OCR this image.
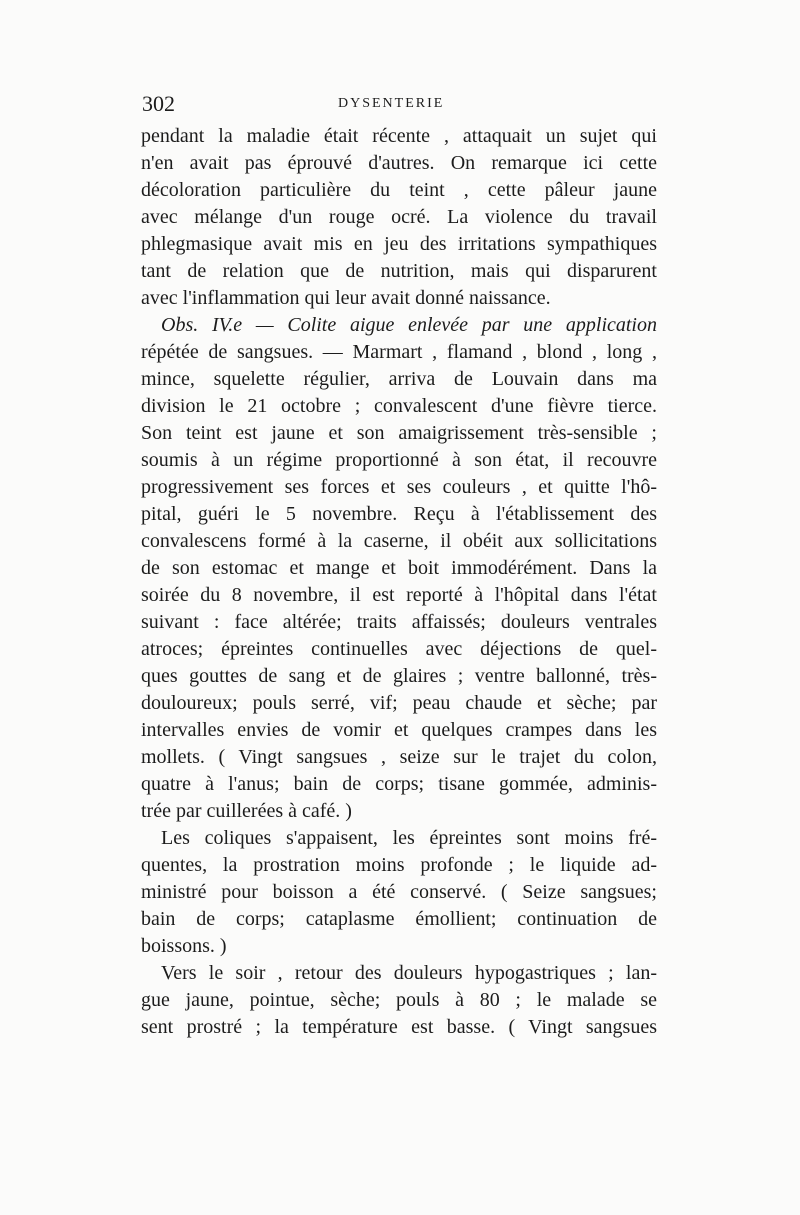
302	DYSENTERIE
pendant la maladie était récente , attaquait un sujet qui
n'en avait pas éprouvé d'autres. On remarque ici cette
décoloration particulière du teint , cette pâleur jaune
avec mélange d'un rouge ocré. La violence du travail
phlegmasique avait mis en jeu des irritations sympathiques
tant de relation que de nutrition, mais qui disparurent
avec l'inflammation qui leur avait donné naissance.
Obs. IV.e — Colite aigue enlevée par une application
répétée de sangsues. — Marmart , flamand , blond , long ,
mince, squelette régulier, arriva de Louvain dans ma
division le 21 octobre ; convalescent d'une fièvre tierce.
Son teint est jaune et son amaigrissement très-sensible ;
soumis à un régime proportionné à son état, il recouvre
progressivement ses forces et ses couleurs , et quitte l'hô-
pital, guéri le 5 novembre. Reçu à l'établissement des
convalescens formé à la caserne, il obéit aux sollicitations
de son estomac et mange et boit immodérément. Dans la
soirée du 8 novembre, il est reporté à l'hôpital dans l'état
suivant : face altérée; traits affaissés; douleurs ventrales
atroces; épreintes continuelles avec déjections de quel-
ques gouttes de sang et de glaires ; ventre ballonné, très-
douloureux; pouls serré, vif; peau chaude et sèche; par
intervalles envies de vomir et quelques crampes dans les
mollets. ( Vingt sangsues , seize sur le trajet du colon,
quatre à l'anus; bain de corps; tisane gommée, adminis-
trée par cuillerées à café. )
Les coliques s'appaisent, les épreintes sont moins fré-
quentes, la prostration moins profonde ; le liquide ad-
ministré pour boisson a été conservé. ( Seize sangsues;
bain de corps; cataplasme émollient; continuation de
boissons. )
Vers le soir , retour des douleurs hypogastriques ; lan-
gue jaune, pointue, sèche; pouls à 80 ; le malade se
sent prostré ; la température est basse. ( Vingt sangsues
